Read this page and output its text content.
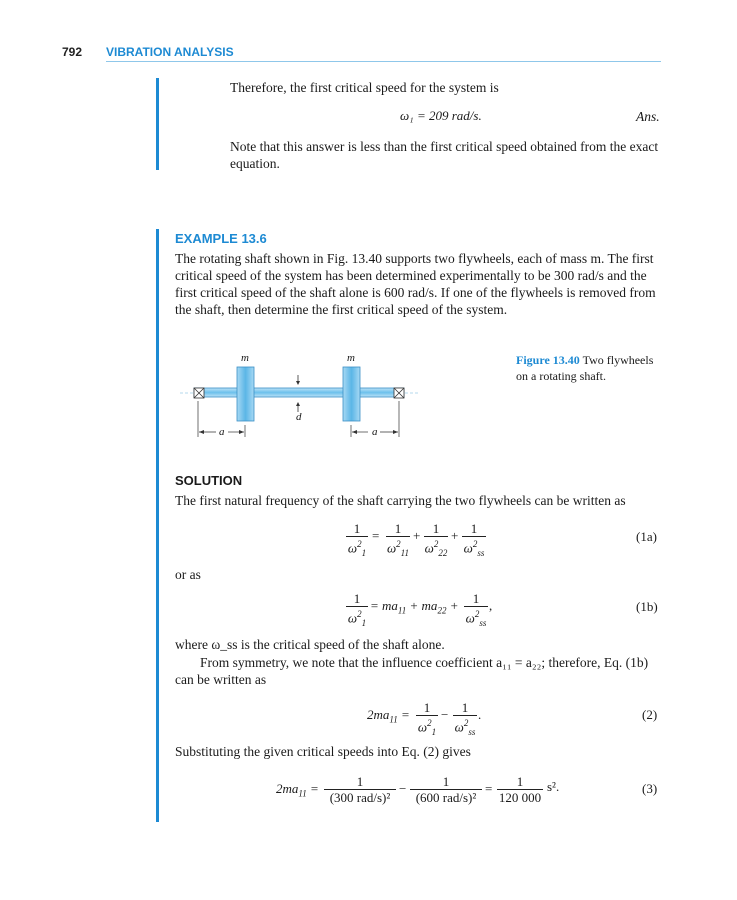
792 VIBRATION ANALYSIS
Therefore, the first critical speed for the system is
ω₁ = 209 rad/s.	Ans.
Note that this answer is less than the first critical speed obtained from the exact
equation.
EXAMPLE 13.6
The rotating shaft shown in Fig. 13.40 supports two flywheels, each of mass m. The first
critical speed of the system has been determined experimentally to be 300 rad/s and the
first critical speed of the shaft alone is 600 rad/s. If one of the flywheels is removed from
the shaft, then determine the first critical speed of the system.
m	m
d
a	a
Figure 13.40 Two flywheels
on a rotating shaft.
SOLUTION
The first natural frequency of the shaft carrying the two flywheels can be written as
$\frac{1}{\omega^2_1} = \frac{1}{\omega^2_{11}} + \frac{1}{\omega^2_{22}} + \frac{1}{\omega^2_{ss}}$	(1a)
or as
$\frac{1}{\omega^2_1} = ma_{11} + ma_{22} + \frac{1}{\omega^2_{ss}}$ ,	(1b)
where ω_ss is the critical speed of the shaft alone.
From symmetry, we note that the influence coefficient a₁₁ = a₂₂; therefore, Eq. (1b)
can be written as
$2ma_{11} = \frac{1}{\omega^2_1} - \frac{1}{\omega^2_{ss}}$ .	(2)
Substituting the given critical speeds into Eq. (2) gives
$2ma_{11}$ =	1
(300 rad/s)²
−	1
(600 rad/s)²
= $\frac{1}{120 000} s^2$.	(3)
